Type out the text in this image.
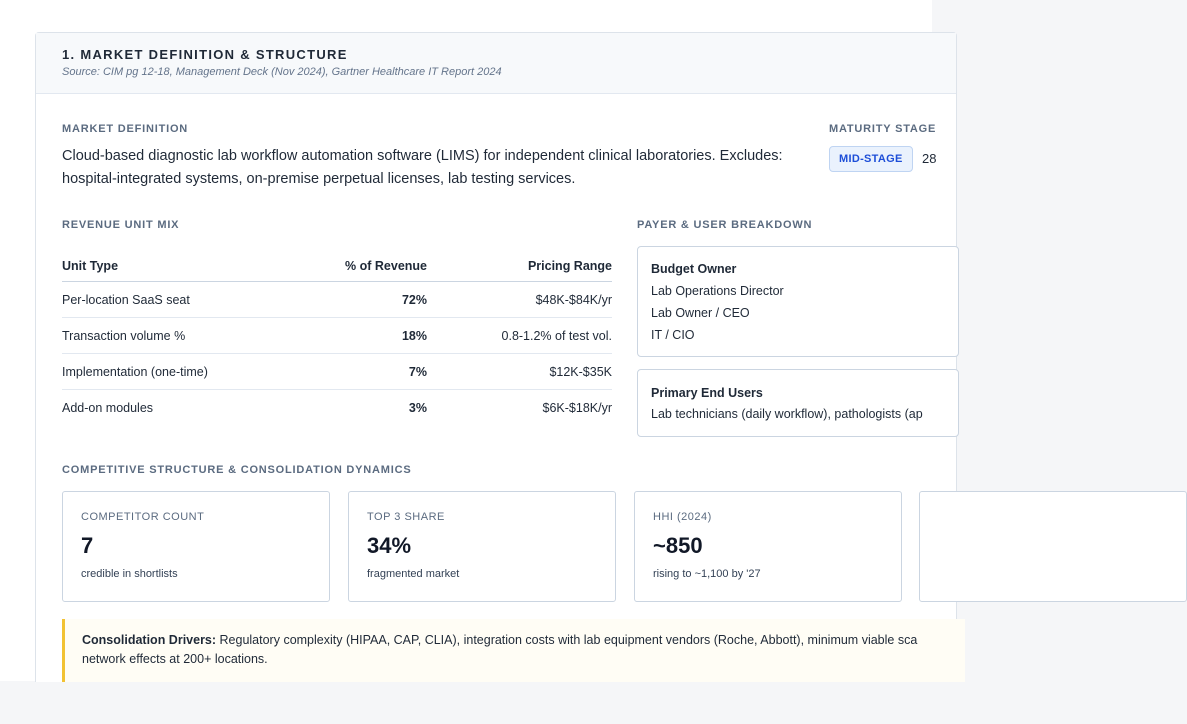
1. MARKET DEFINITION & STRUCTURE
Source: CIM pg 12-18, Management Deck (Nov 2024), Gartner Healthcare IT Report 2024
MARKET DEFINITION
Cloud-based diagnostic lab workflow automation software (LIMS) for independent clinical laboratories. Excludes: hospital-integrated systems, on-premise perpetual licenses, lab testing services.
MATURITY STAGE
MID-STAGE	28
REVENUE UNIT MIX
Unit Type	% of Revenue	Pricing Range
Per-location SaaS seat	72%	$48K-$84K/yr
Transaction volume %	18%	0.8-1.2% of test vol.
Implementation (one-time)	7%	$12K-$35K
Add-on modules	3%	$6K-$18K/yr
PAYER & USER BREAKDOWN
Budget Owner
Lab Operations Director
Lab Owner / CEO
IT / CIO
Primary End Users
Lab technicians (daily workflow), pathologists (ap
COMPETITIVE STRUCTURE & CONSOLIDATION DYNAMICS
COMPETITOR COUNT
7
credible in shortlists
TOP 3 SHARE
34%
fragmented market
HHI (2024)
~850
rising to ~1,100 by '27
Consolidation Drivers: Regulatory complexity (HIPAA, CAP, CLIA), integration costs with lab equipment vendors (Roche, Abbott), minimum viable sca
network effects at 200+ locations.
